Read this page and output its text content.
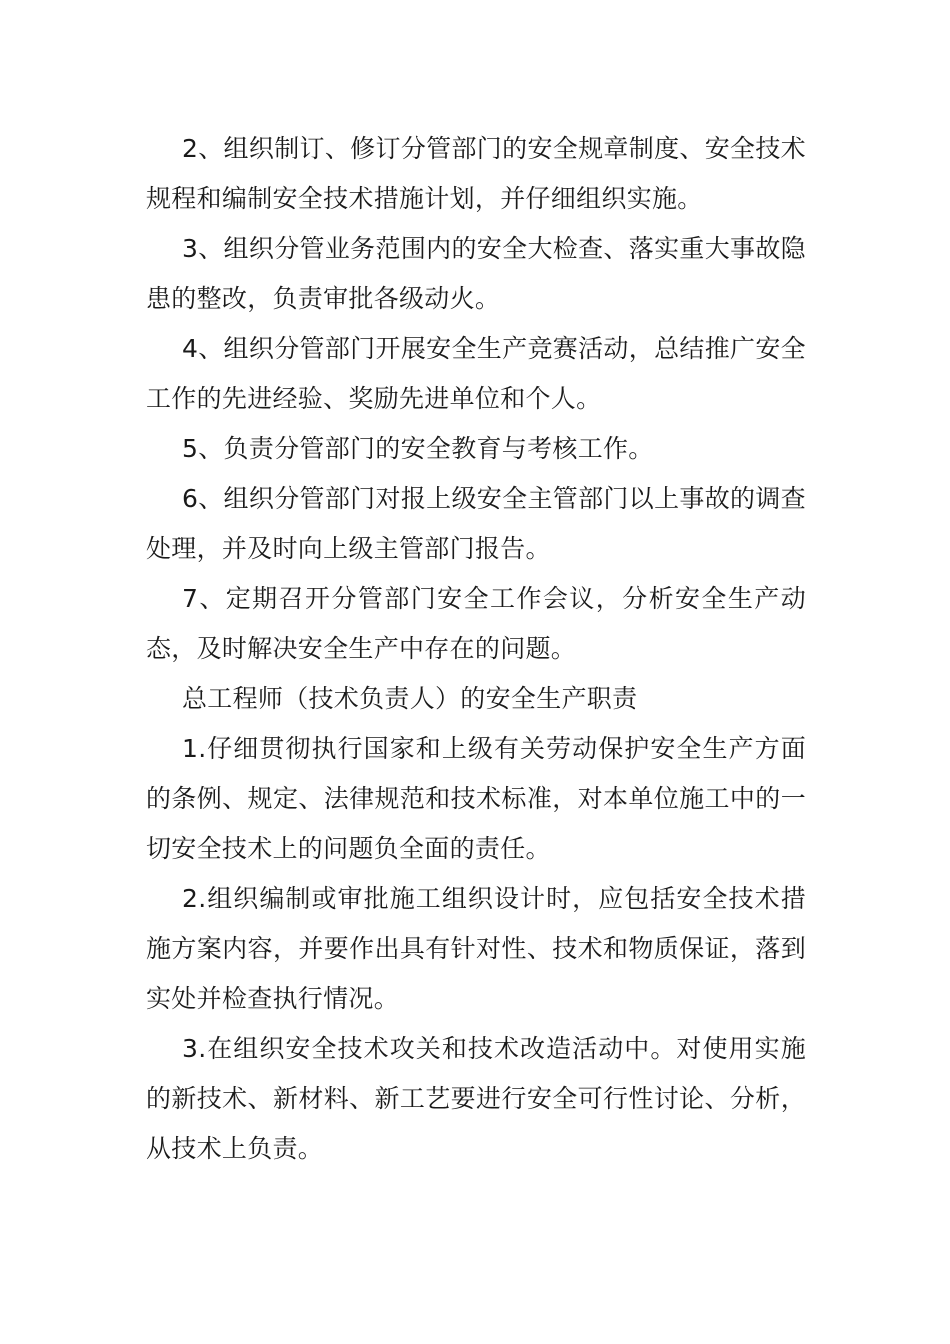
2、组织制订、修订分管部门的安全规章制度、安全技术规程和编制安全技术措施计划，并仔细组织实施。

3、组织分管业务范围内的安全大检查、落实重大事故隐患的整改，负责审批各级动火。

4、组织分管部门开展安全生产竞赛活动，总结推广安全工作的先进经验、奖励先进单位和个人。

5、负责分管部门的安全教育与考核工作。

6、组织分管部门对报上级安全主管部门以上事故的调查处理，并及时向上级主管部门报告。

7、定期召开分管部门安全工作会议，分析安全生产动态，及时解决安全生产中存在的问题。

总工程师（技术负责人）的安全生产职责

1.仔细贯彻执行国家和上级有关劳动保护安全生产方面的条例、规定、法律规范和技术标准，对本单位施工中的一切安全技术上的问题负全面的责任。

2.组织编制或审批施工组织设计时，应包括安全技术措施方案内容，并要作出具有针对性、技术和物质保证，落到实处并检查执行情况。

3.在组织安全技术攻关和技术改造活动中。对使用实施的新技术、新材料、新工艺要进行安全可行性讨论、分析，从技术上负责。
